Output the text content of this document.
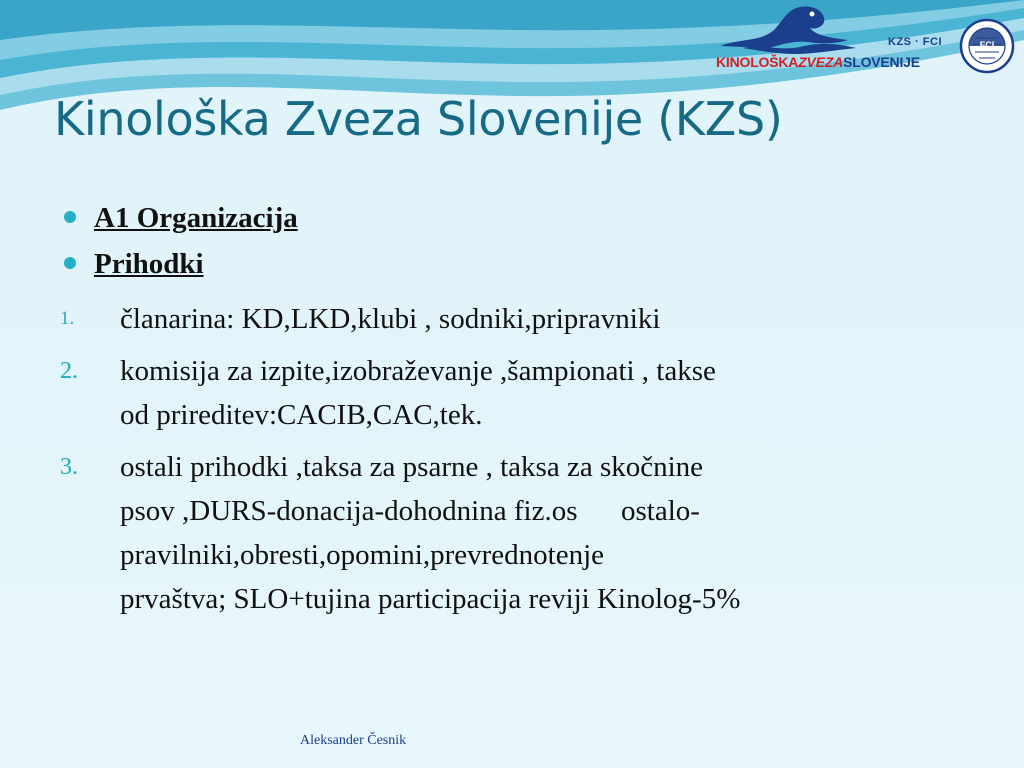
FCI
· · · · · · · · · ·
KZS · FCI
KINOLOŠKAZVEZASLOVENIJE
Kinološka Zveza Slovenije (KZS)
A1 Organizacija
Prihodki
1. članarina: KD,LKD,klubi , sodniki,pripravniki
2. komisija za izpite,izobraževanje ,šampionati , takse
od prireditev:CACIB,CAC,tek.
3. ostali prihodki ,taksa za psarne , taksa za skočnine
psov ,DURS-donacija-dohodnina fiz.os      ostalo-
pravilniki,obresti,opomini,prevrednotenje
prvaštva; SLO+tujina participacija reviji Kinolog-5%
Aleksander Česnik
